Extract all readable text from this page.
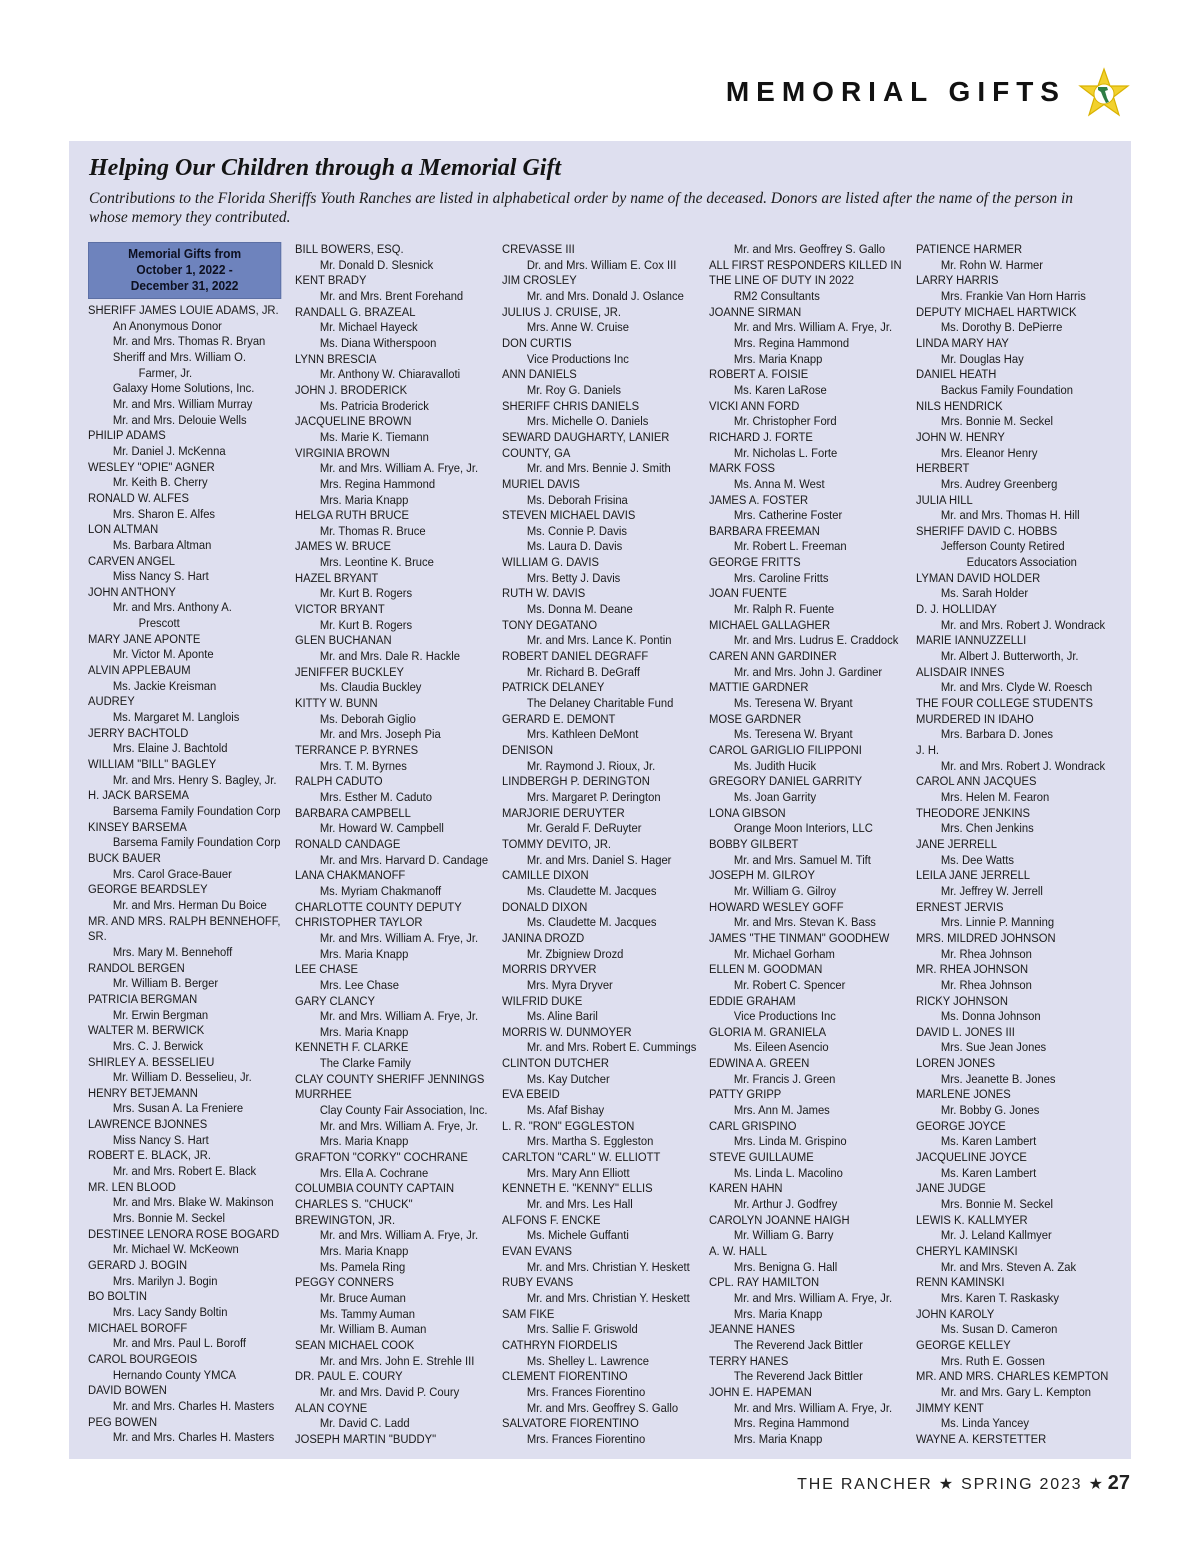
MEMORIAL GIFTS
Helping Our Children through a Memorial Gift
Contributions to the Florida Sheriffs Youth Ranches are listed in alphabetical order by name of the deceased. Donors are listed after the name of the person in whose memory they contributed.
Memorial Gifts from
October 1, 2022 -
December 31, 2022
SHERIFF JAMES LOUIE ADAMS, JR.
An Anonymous Donor
Mr. and Mrs. Thomas R. Bryan
Sheriff and Mrs. William O.
Farmer, Jr.
Galaxy Home Solutions, Inc.
Mr. and Mrs. William Murray
Mr. and Mrs. Delouie Wells
PHILIP ADAMS
Mr. Daniel J. McKenna
WESLEY "OPIE" AGNER
Mr. Keith B. Cherry
RONALD W. ALFES
Mrs. Sharon E. Alfes
LON ALTMAN
Ms. Barbara Altman
CARVEN ANGEL
Miss Nancy S. Hart
JOHN ANTHONY
Mr. and Mrs. Anthony A.
Prescott
MARY JANE APONTE
Mr. Victor M. Aponte
ALVIN APPLEBAUM
Ms. Jackie Kreisman
AUDREY
Ms. Margaret M. Langlois
JERRY BACHTOLD
Mrs. Elaine J. Bachtold
WILLIAM "BILL" BAGLEY
Mr. and Mrs. Henry S. Bagley, Jr.
H. JACK BARSEMA
Barsema Family Foundation Corp
KINSEY BARSEMA
Barsema Family Foundation Corp
BUCK BAUER
Mrs. Carol Grace-Bauer
GEORGE BEARDSLEY
Mr. and Mrs. Herman Du Boice
MR. AND MRS. RALPH BENNEHOFF,
SR.
Mrs. Mary M. Bennehoff
RANDOL BERGEN
Mr. William B. Berger
PATRICIA BERGMAN
Mr. Erwin Bergman
WALTER M. BERWICK
Mrs. C. J. Berwick
SHIRLEY A. BESSELIEU
Mr. William D. Besselieu, Jr.
HENRY BETJEMANN
Mrs. Susan A. La Freniere
LAWRENCE BJONNES
Miss Nancy S. Hart
ROBERT E. BLACK, JR.
Mr. and Mrs. Robert E. Black
MR. LEN BLOOD
Mr. and Mrs. Blake W. Makinson
Mrs. Bonnie M. Seckel
DESTINEE LENORA ROSE BOGARD
Mr. Michael W. McKeown
GERARD J. BOGIN
Mrs. Marilyn J. Bogin
BO BOLTIN
Mrs. Lacy Sandy Boltin
MICHAEL BOROFF
Mr. and Mrs. Paul L. Boroff
CAROL BOURGEOIS
Hernando County YMCA
DAVID BOWEN
Mr. and Mrs. Charles H. Masters
PEG BOWEN
Mr. and Mrs. Charles H. Masters
BILL BOWERS, ESQ.
Mr. Donald D. Slesnick
KENT BRADY
Mr. and Mrs. Brent Forehand
RANDALL G. BRAZEAL
Mr. Michael Hayeck
Ms. Diana Witherspoon
LYNN BRESCIA
Mr. Anthony W. Chiaravalloti
JOHN J. BRODERICK
Ms. Patricia Broderick
JACQUELINE BROWN
Ms. Marie K. Tiemann
VIRGINIA BROWN
Mr. and Mrs. William A. Frye, Jr.
Mrs. Regina Hammond
Mrs. Maria Knapp
HELGA RUTH BRUCE
Mr. Thomas R. Bruce
JAMES W. BRUCE
Mrs. Leontine K. Bruce
HAZEL BRYANT
Mr. Kurt B. Rogers
VICTOR BRYANT
Mr. Kurt B. Rogers
GLEN BUCHANAN
Mr. and Mrs. Dale R. Hackle
JENIFFER BUCKLEY
Ms. Claudia Buckley
KITTY W. BUNN
Ms. Deborah Giglio
Mr. and Mrs. Joseph Pia
TERRANCE P. BYRNES
Mrs. T. M. Byrnes
RALPH CADUTO
Mrs. Esther M. Caduto
BARBARA CAMPBELL
Mr. Howard W. Campbell
RONALD CANDAGE
Mr. and Mrs. Harvard D. Candage
LANA CHAKMANOFF
Ms. Myriam Chakmanoff
CHARLOTTE COUNTY DEPUTY
CHRISTOPHER TAYLOR
Mr. and Mrs. William A. Frye, Jr.
Mrs. Maria Knapp
LEE CHASE
Mrs. Lee Chase
GARY CLANCY
Mr. and Mrs. William A. Frye, Jr.
Mrs. Maria Knapp
KENNETH F. CLARKE
The Clarke Family
CLAY COUNTY SHERIFF JENNINGS
MURRHEE
Clay County Fair Association, Inc.
Mr. and Mrs. William A. Frye, Jr.
Mrs. Maria Knapp
GRAFTON "CORKY" COCHRANE
Mrs. Ella A. Cochrane
COLUMBIA COUNTY CAPTAIN
CHARLES S. "CHUCK"
BREWINGTON, JR.
Mr. and Mrs. William A. Frye, Jr.
Mrs. Maria Knapp
Ms. Pamela Ring
PEGGY CONNERS
Mr. Bruce Auman
Ms. Tammy Auman
Mr. William B. Auman
SEAN MICHAEL COOK
Mr. and Mrs. John E. Strehle III
DR. PAUL E. COURY
Mr. and Mrs. David P. Coury
ALAN COYNE
Mr. David C. Ladd
JOSEPH MARTIN "BUDDY"
CREVASSE III
Dr. and Mrs. William E. Cox III
JIM CROSLEY
Mr. and Mrs. Donald J. Oslance
JULIUS J. CRUISE, JR.
Mrs. Anne W. Cruise
DON CURTIS
Vice Productions Inc
ANN DANIELS
Mr. Roy G. Daniels
SHERIFF CHRIS DANIELS
Mrs. Michelle O. Daniels
SEWARD DAUGHARTY, LANIER
COUNTY, GA
Mr. and Mrs. Bennie J. Smith
MURIEL DAVIS
Ms. Deborah Frisina
STEVEN MICHAEL DAVIS
Ms. Connie P. Davis
Ms. Laura D. Davis
WILLIAM G. DAVIS
Mrs. Betty J. Davis
RUTH W. DAVIS
Ms. Donna M. Deane
TONY DEGATANO
Mr. and Mrs. Lance K. Pontin
ROBERT DANIEL DEGRAFF
Mr. Richard B. DeGraff
PATRICK DELANEY
The Delaney Charitable Fund
GERARD E. DEMONT
Mrs. Kathleen DeMont
DENISON
Mr. Raymond J. Rioux, Jr.
LINDBERGH P. DERINGTON
Mrs. Margaret P. Derington
MARJORIE DERUYTER
Mr. Gerald F. DeRuyter
TOMMY DEVITO, JR.
Mr. and Mrs. Daniel S. Hager
CAMILLE DIXON
Ms. Claudette M. Jacques
DONALD DIXON
Ms. Claudette M. Jacques
JANINA DROZD
Mr. Zbigniew Drozd
MORRIS DRYVER
Mrs. Myra Dryver
WILFRID DUKE
Ms. Aline Baril
MORRIS W. DUNMOYER
Mr. and Mrs. Robert E. Cummings
CLINTON DUTCHER
Ms. Kay Dutcher
EVA EBEID
Ms. Afaf Bishay
L. R. "RON" EGGLESTON
Mrs. Martha S. Eggleston
CARLTON "CARL" W. ELLIOTT
Mrs. Mary Ann Elliott
KENNETH E. "KENNY" ELLIS
Mr. and Mrs. Les Hall
ALFONS F. ENCKE
Ms. Michele Guffanti
EVAN EVANS
Mr. and Mrs. Christian Y. Heskett
RUBY EVANS
Mr. and Mrs. Christian Y. Heskett
SAM FIKE
Mrs. Sallie F. Griswold
CATHRYN FIORDELIS
Ms. Shelley L. Lawrence
CLEMENT FIORENTINO
Mrs. Frances Fiorentino
Mr. and Mrs. Geoffrey S. Gallo
SALVATORE FIORENTINO
Mrs. Frances Fiorentino
Mr. and Mrs. Geoffrey S. Gallo
ALL FIRST RESPONDERS KILLED IN
THE LINE OF DUTY IN 2022
RM2 Consultants
JOANNE SIRMAN
Mr. and Mrs. William A. Frye, Jr.
Mrs. Regina Hammond
Mrs. Maria Knapp
ROBERT A. FOISIE
Ms. Karen LaRose
VICKI ANN FORD
Mr. Christopher Ford
RICHARD J. FORTE
Mr. Nicholas L. Forte
MARK FOSS
Ms. Anna M. West
JAMES A. FOSTER
Mrs. Catherine Foster
BARBARA FREEMAN
Mr. Robert L. Freeman
GEORGE FRITTS
Mrs. Caroline Fritts
JOAN FUENTE
Mr. Ralph R. Fuente
MICHAEL GALLAGHER
Mr. and Mrs. Ludrus E. Craddock
CAREN ANN GARDINER
Mr. and Mrs. John J. Gardiner
MATTIE GARDNER
Ms. Teresena W. Bryant
MOSE GARDNER
Ms. Teresena W. Bryant
CAROL GARIGLIO FILIPPONI
Ms. Judith Hucik
GREGORY DANIEL GARRITY
Ms. Joan Garrity
LONA GIBSON
Orange Moon Interiors, LLC
BOBBY GILBERT
Mr. and Mrs. Samuel M. Tift
JOSEPH M. GILROY
Mr. William G. Gilroy
HOWARD WESLEY GOFF
Mr. and Mrs. Stevan K. Bass
JAMES "THE TINMAN" GOODHEW
Mr. Michael Gorham
ELLEN M. GOODMAN
Mr. Robert C. Spencer
EDDIE GRAHAM
Vice Productions Inc
GLORIA M. GRANIELA
Ms. Eileen Asencio
EDWINA A. GREEN
Mr. Francis J. Green
PATTY GRIPP
Mrs. Ann M. James
CARL GRISPINO
Mrs. Linda M. Grispino
STEVE GUILLAUME
Ms. Linda L. Macolino
KAREN HAHN
Mr. Arthur J. Godfrey
CAROLYN JOANNE HAIGH
Mr. William G. Barry
A. W. HALL
Mrs. Benigna G. Hall
CPL. RAY HAMILTON
Mr. and Mrs. William A. Frye, Jr.
Mrs. Maria Knapp
JEANNE HANES
The Reverend Jack Bittler
TERRY HANES
The Reverend Jack Bittler
JOHN E. HAPEMAN
Mr. and Mrs. William A. Frye, Jr.
Mrs. Regina Hammond
Mrs. Maria Knapp
PATIENCE HARMER
Mr. Rohn W. Harmer
LARRY HARRIS
Mrs. Frankie Van Horn Harris
DEPUTY MICHAEL HARTWICK
Ms. Dorothy B. DePierre
LINDA MARY HAY
Mr. Douglas Hay
DANIEL HEATH
Backus Family Foundation
NILS HENDRICK
Mrs. Bonnie M. Seckel
JOHN W. HENRY
Mrs. Eleanor Henry
HERBERT
Mrs. Audrey Greenberg
JULIA HILL
Mr. and Mrs. Thomas H. Hill
SHERIFF DAVID C. HOBBS
Jefferson County Retired
Educators Association
LYMAN DAVID HOLDER
Ms. Sarah Holder
D. J. HOLLIDAY
Mr. and Mrs. Robert J. Wondrack
MARIE IANNUZZELLI
Mr. Albert J. Butterworth, Jr.
ALISDAIR INNES
Mr. and Mrs. Clyde W. Roesch
THE FOUR COLLEGE STUDENTS
MURDERED IN IDAHO
Mrs. Barbara D. Jones
J. H.
Mr. and Mrs. Robert J. Wondrack
CAROL ANN JACQUES
Mrs. Helen M. Fearon
THEODORE JENKINS
Mrs. Chen Jenkins
JANE JERRELL
Ms. Dee Watts
LEILA JANE JERRELL
Mr. Jeffrey W. Jerrell
ERNEST JERVIS
Mrs. Linnie P. Manning
MRS. MILDRED JOHNSON
Mr. Rhea Johnson
MR. RHEA JOHNSON
Mr. Rhea Johnson
RICKY JOHNSON
Ms. Donna Johnson
DAVID L. JONES III
Mrs. Sue Jean Jones
LOREN JONES
Mrs. Jeanette B. Jones
MARLENE JONES
Mr. Bobby G. Jones
GEORGE JOYCE
Ms. Karen Lambert
JACQUELINE JOYCE
Ms. Karen Lambert
JANE JUDGE
Mrs. Bonnie M. Seckel
LEWIS K. KALLMYER
Mr. J. Leland Kallmyer
CHERYL KAMINSKI
Mr. and Mrs. Steven A. Zak
RENN KAMINSKI
Mrs. Karen T. Raskasky
JOHN KAROLY
Ms. Susan D. Cameron
GEORGE KELLEY
Mrs. Ruth E. Gossen
MR. AND MRS. CHARLES KEMPTON
Mr. and Mrs. Gary L. Kempton
JIMMY KENT
Ms. Linda Yancey
WAYNE A. KERSTETTER
THE RANCHER ★ SPRING 2023 ★ 27
